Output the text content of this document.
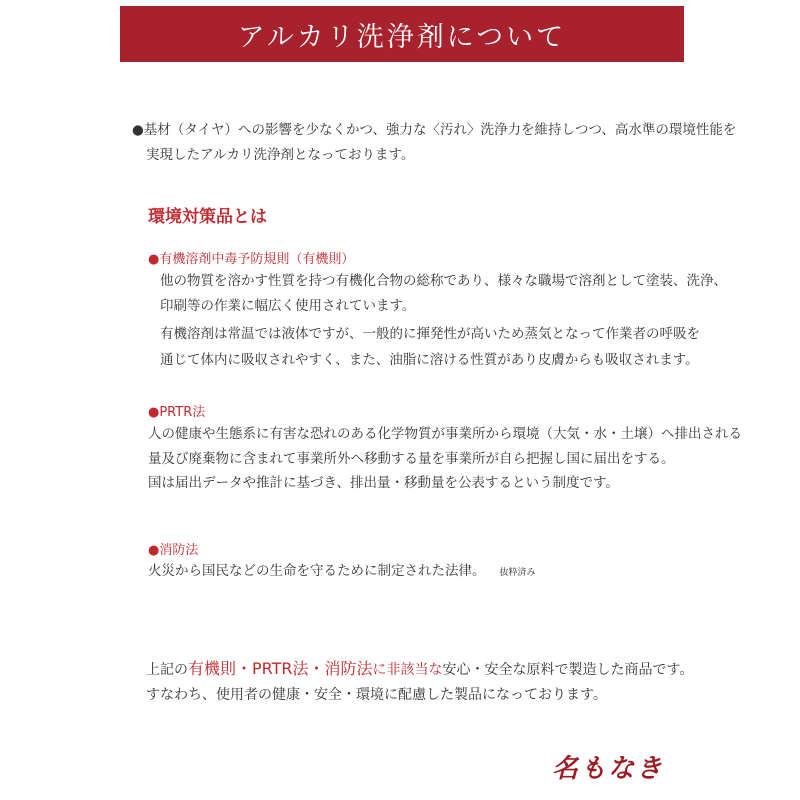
アルカリ洗浄剤について
●基材（タイヤ）への影響を少なくかつ、強力な〈汚れ〉洗浄力を維持しつつ、高水準の環境性能を
実現したアルカリ洗浄剤となっております。
環境対策品とは
●有機溶剤中毒予防規則（有機則）
他の物質を溶かす性質を持つ有機化合物の総称であり、様々な職場で溶剤として塗装、洗浄、
印刷等の作業に幅広く使用されています。
有機溶剤は常温では液体ですが、一般的に揮発性が高いため蒸気となって作業者の呼吸を
通じて体内に吸収されやすく、また、油脂に溶ける性質があり皮膚からも吸収されます。
●PRTR法
人の健康や生態系に有害な恐れのある化学物質が事業所から環境（大気・水・土壌）へ排出される
量及び廃棄物に含まれて事業所外へ移動する量を事業所が自ら把握し国に届出をする。
国は届出データや推計に基づき、排出量・移動量を公表するという制度です。
●消防法
火災から国民などの生命を守るために制定された法律。 抜粋済み
上記の有機則・PRTR法・消防法に非該当な安心・安全な原料で製造した商品です。
すなわち、使用者の健康・安全・環境に配慮した製品になっております。
名もなき
